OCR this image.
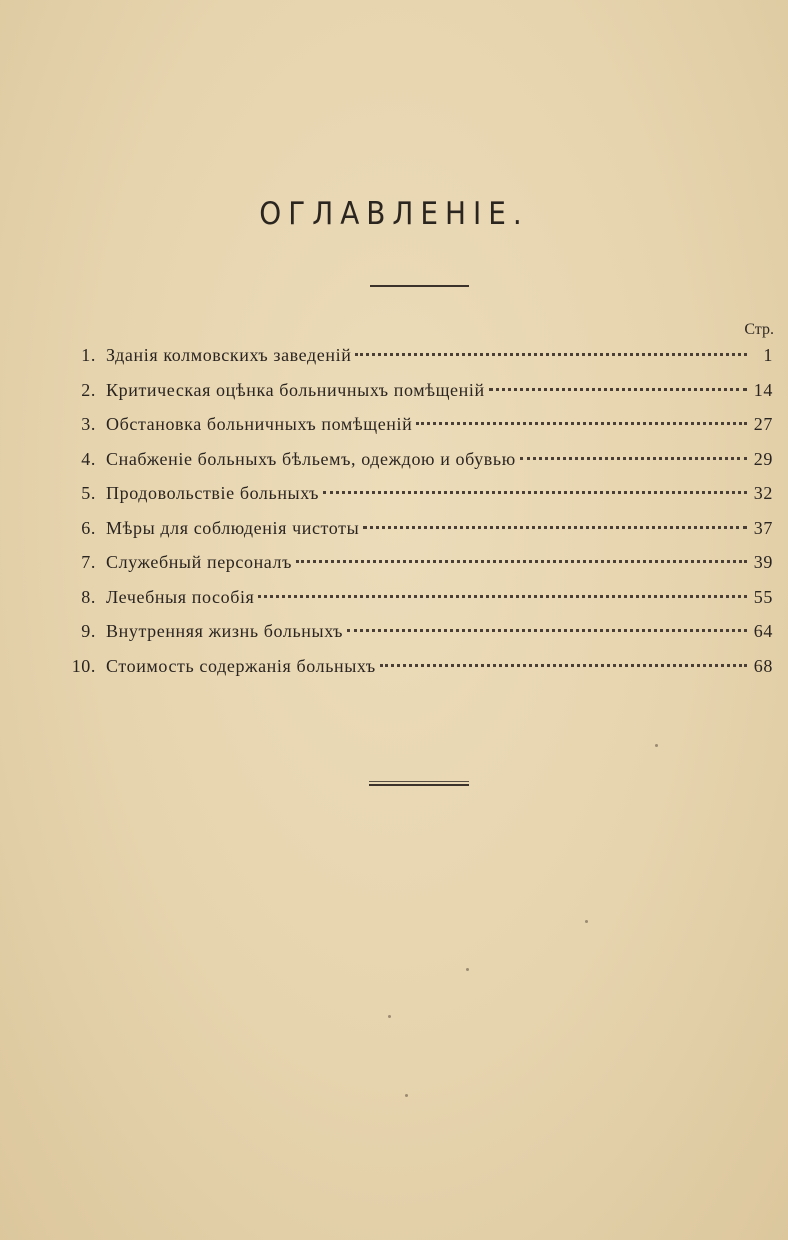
ОГЛАВЛЕНІЕ.
Стр.
1. Зданія колмовскихъ заведеній	1
2. Критическая оцѣнка больничныхъ помѣщеній	14
3. Обстановка больничныхъ помѣщеній	27
4. Снабженіе больныхъ бѣльемъ, одеждою и обувью	29
5. Продовольствіе больныхъ	32
6. Мѣры для соблюденія чистоты	37
7. Служебный персоналъ	39
8. Лечебныя пособія	55
9. Внутренняя жизнь больныхъ	64
10. Стоимость содержанія больныхъ	68
